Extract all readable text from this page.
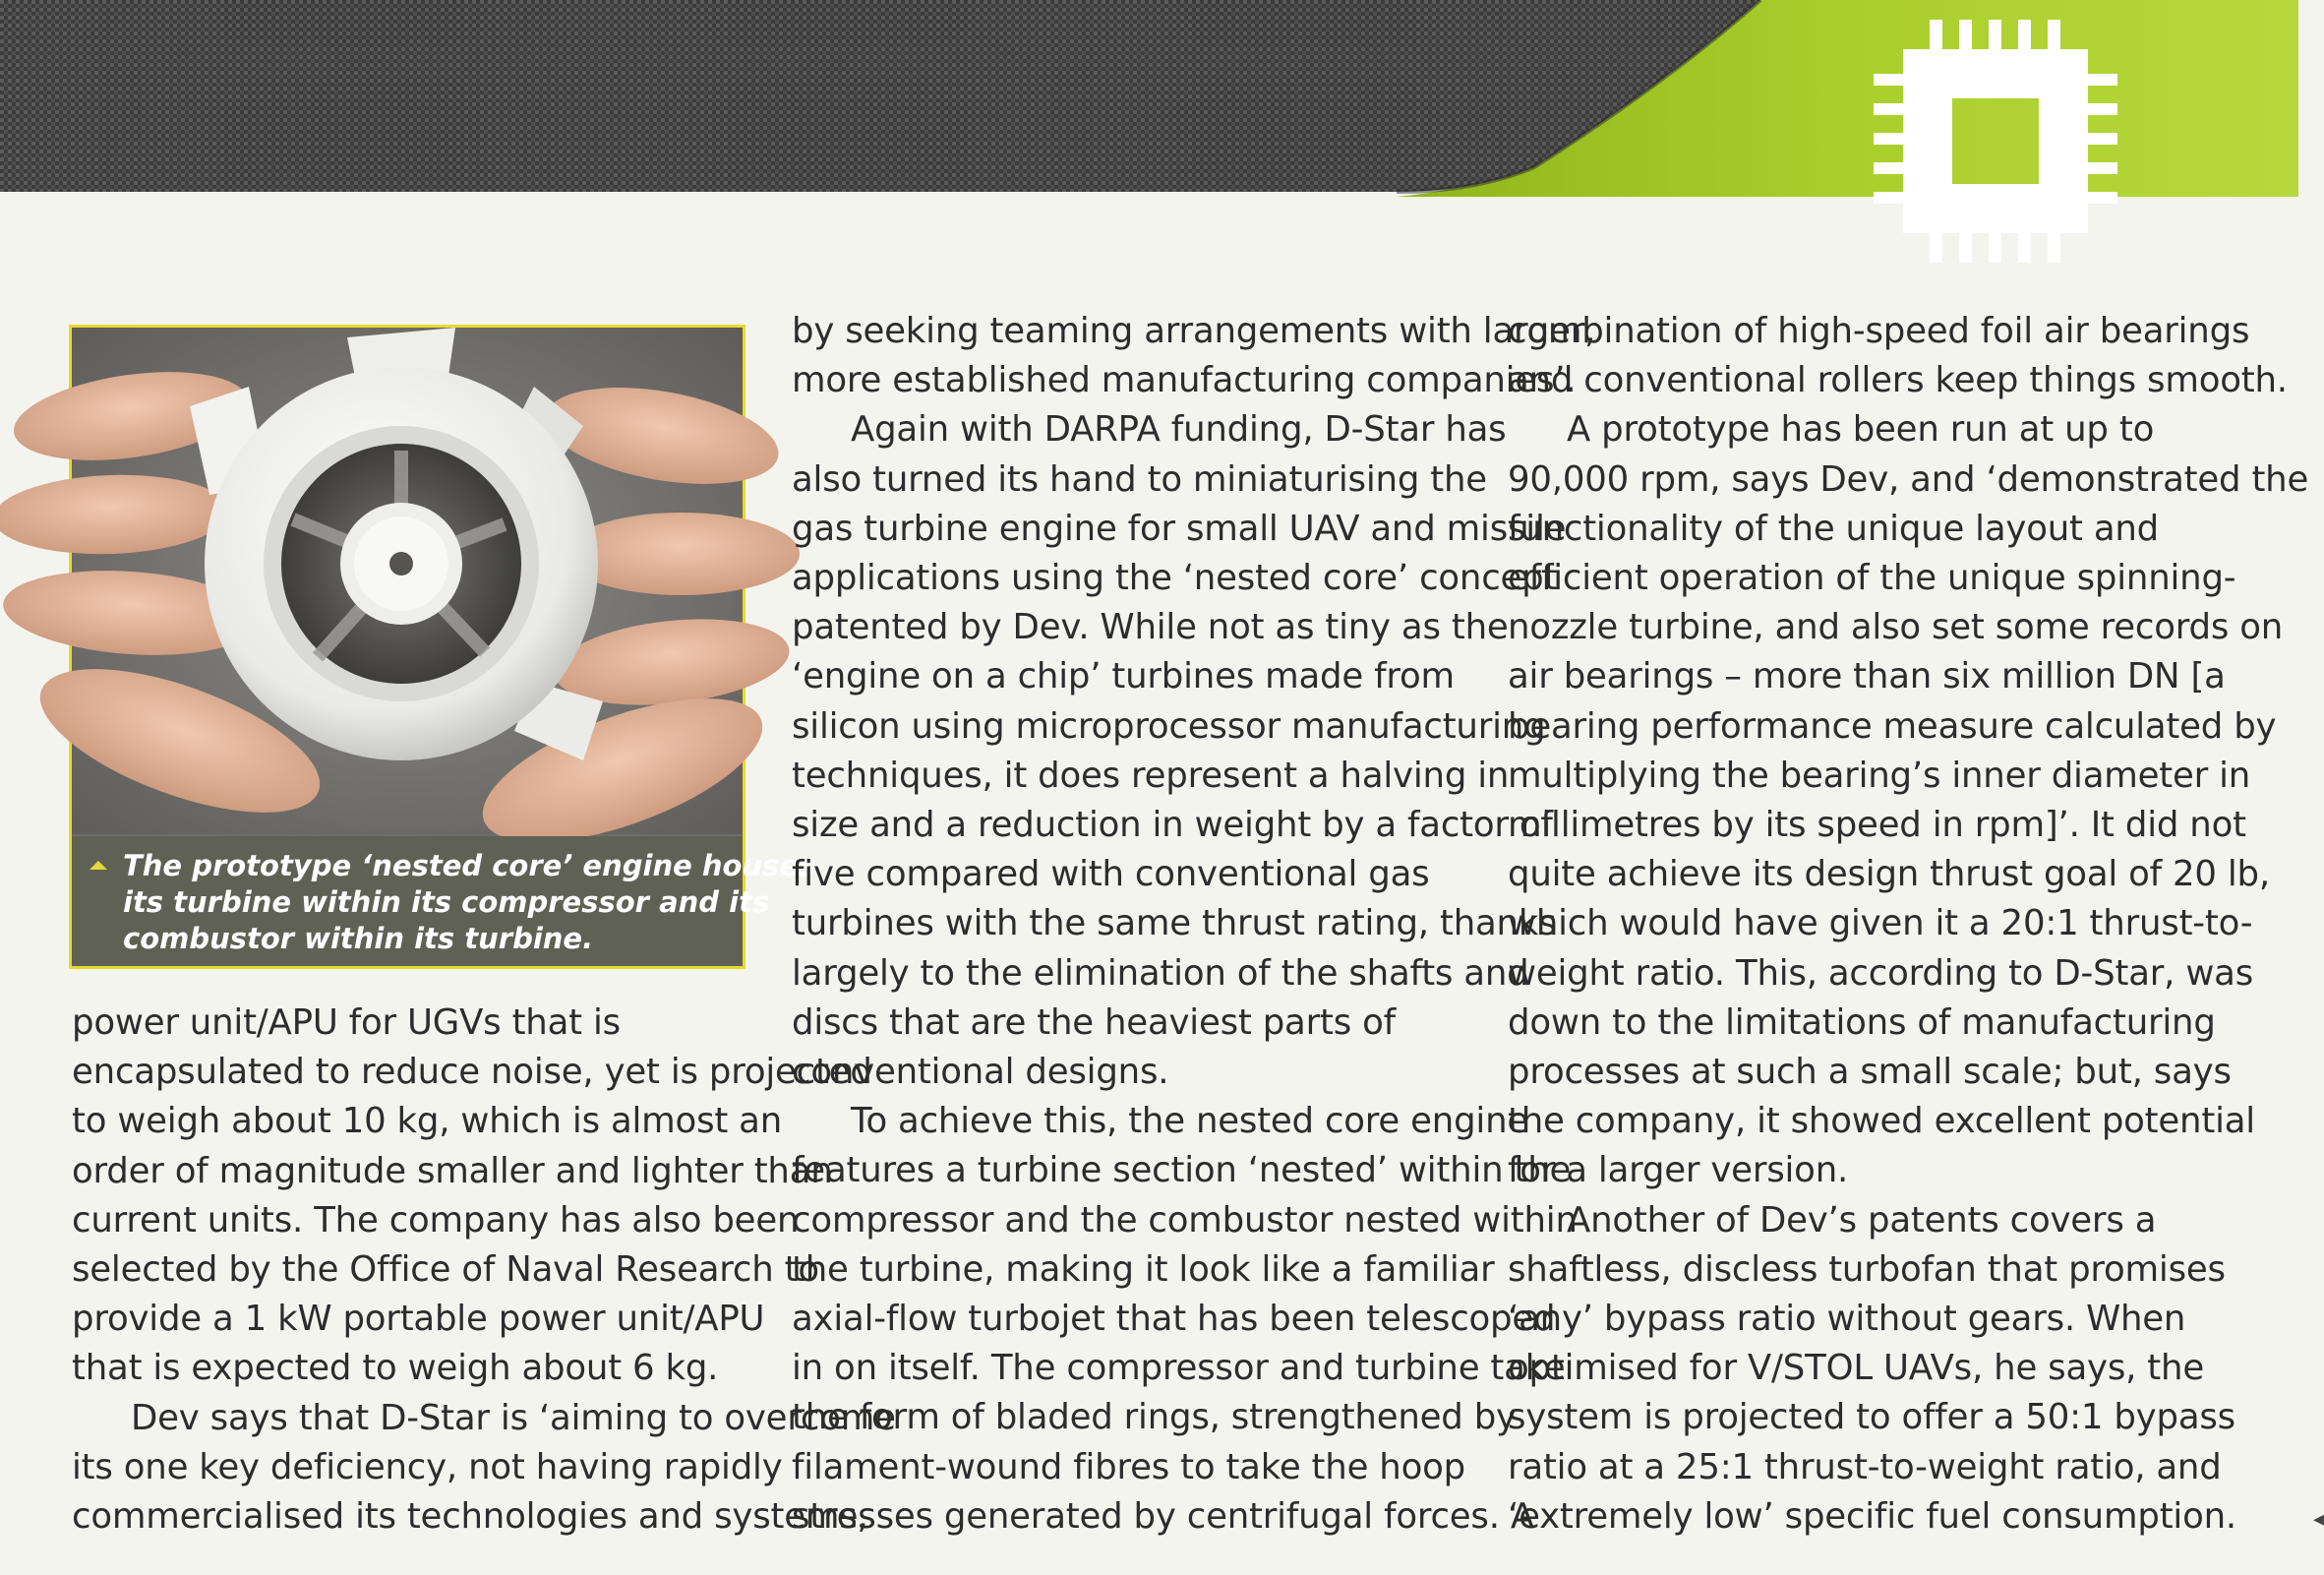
The prototype ‘nested core’ engine houses
its turbine within its compressor and its
combustor within its turbine.

power unit/APU for UGVs that is
encapsulated to reduce noise, yet is projected
to weigh about 10 kg, which is almost an
order of magnitude smaller and lighter than
current units. The company has also been
selected by the Office of Naval Research to
provide a 1 kW portable power unit/APU
that is expected to weigh about 6 kg.

Dev says that D-Star is ‘aiming to overcome
its one key deficiency, not having rapidly
commercialised its technologies and systems,

by seeking teaming arrangements with larger,
more established manufacturing companies’.

Again with DARPA funding, D-Star has
also turned its hand to miniaturising the
gas turbine engine for small UAV and missile
applications using the ‘nested core’ concept
patented by Dev. While not as tiny as the
‘engine on a chip’ turbines made from
silicon using microprocessor manufacturing
techniques, it does represent a halving in
size and a reduction in weight by a factor of
five compared with conventional gas
turbines with the same thrust rating, thanks
largely to the elimination of the shafts and
discs that are the heaviest parts of
conventional designs.

To achieve this, the nested core engine
features a turbine section ‘nested’ within the
compressor and the combustor nested within
the turbine, making it look like a familiar
axial-flow turbojet that has been telescoped
in on itself. The compressor and turbine take
the form of bladed rings, strengthened by
filament-wound fibres to take the hoop
stresses generated by centrifugal forces. A

combination of high-speed foil air bearings
and conventional rollers keep things smooth.

A prototype has been run at up to
90,000 rpm, says Dev, and ‘demonstrated the
functionality of the unique layout and
efficient operation of the unique spinning-
nozzle turbine, and also set some records on
air bearings – more than six million DN [a
bearing performance measure calculated by
multiplying the bearing’s inner diameter in
millimetres by its speed in rpm]’. It did not
quite achieve its design thrust goal of 20 lb,
which would have given it a 20:1 thrust-to-
weight ratio. This, according to D-Star, was
down to the limitations of manufacturing
processes at such a small scale; but, says
the company, it showed excellent potential
for a larger version.

Another of Dev’s patents covers a
shaftless, discless turbofan that promises
‘any’ bypass ratio without gears. When
optimised for V/STOL UAVs, he says, the
system is projected to offer a 50:1 bypass
ratio at a 25:1 thrust-to-weight ratio, and
‘extremely low’ specific fuel consumption.	◂
